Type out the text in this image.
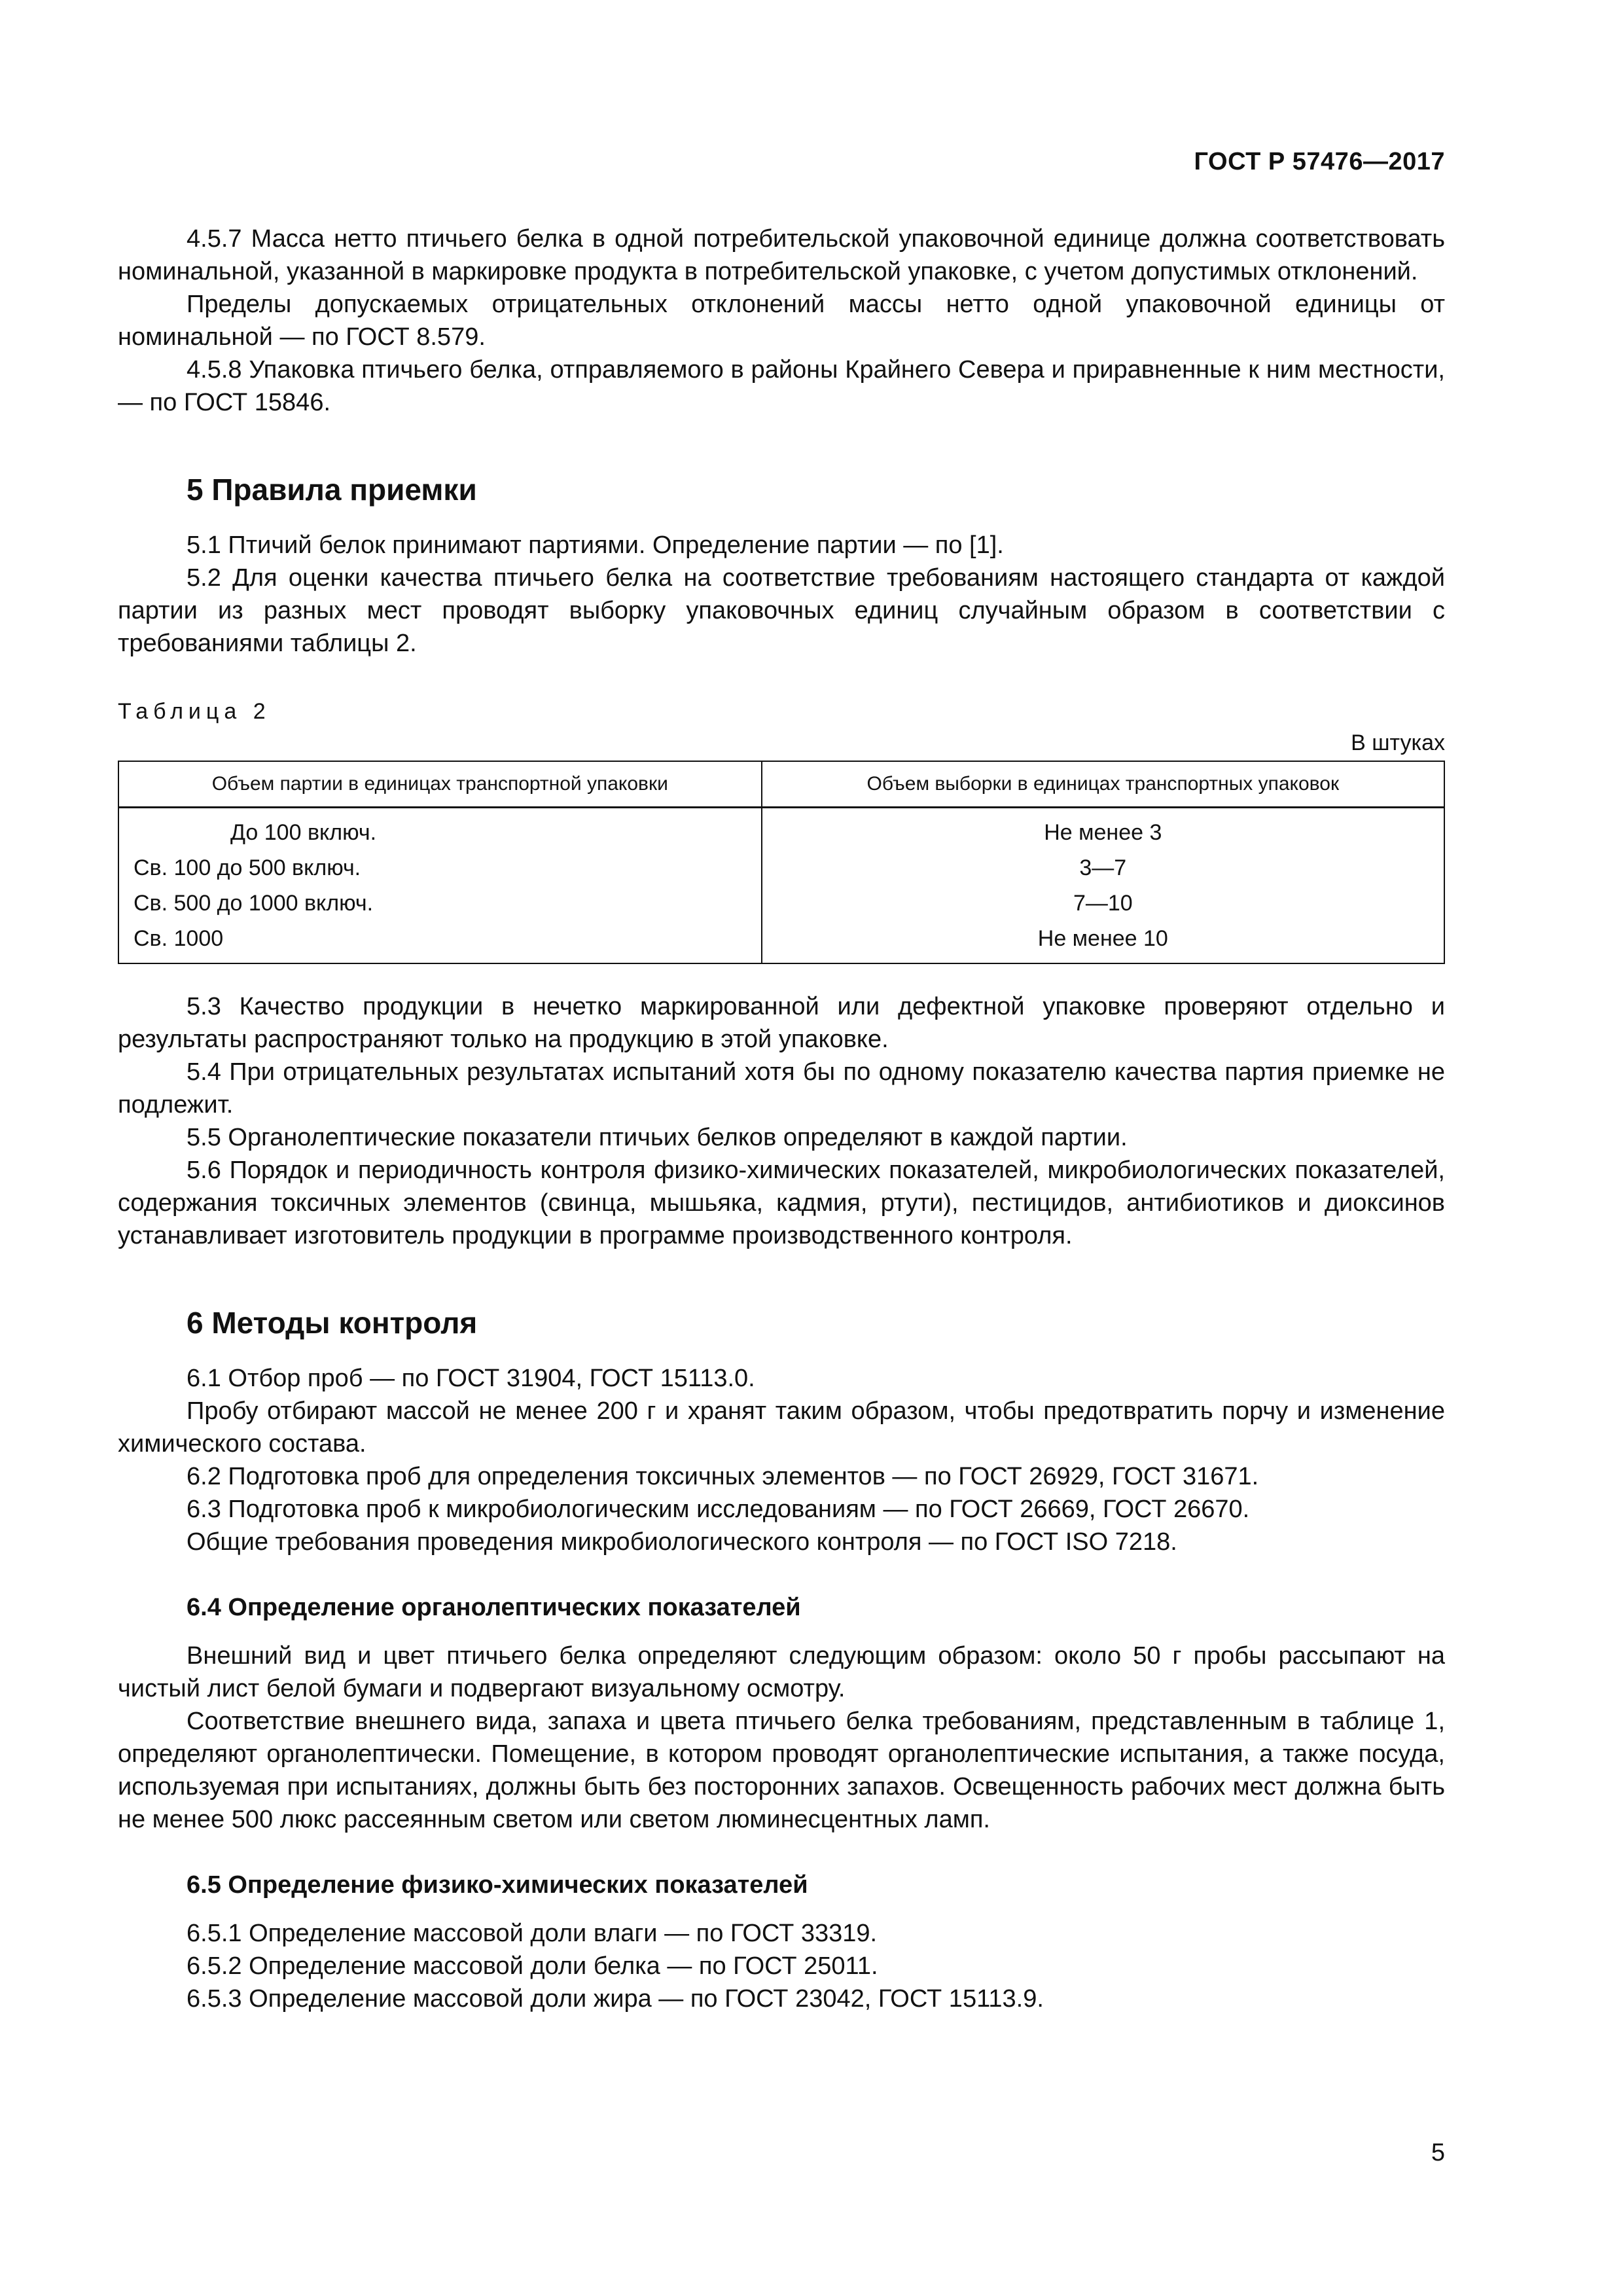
ГОСТ Р 57476—2017

4.5.7 Масса нетто птичьего белка в одной потребительской упаковочной единице должна соответствовать номинальной, указанной в маркировке продукта в потребительской упаковке, с учетом допустимых отклонений.

Пределы допускаемых отрицательных отклонений массы нетто одной упаковочной единицы от номинальной — по ГОСТ 8.579.

4.5.8 Упаковка птичьего белка, отправляемого в районы Крайнего Севера и приравненные к ним местности, — по ГОСТ 15846.

5 Правила приемки

5.1 Птичий белок принимают партиями. Определение партии — по [1].

5.2 Для оценки качества птичьего белка на соответствие требованиям настоящего стандарта от каждой партии из разных мест проводят выборку упаковочных единиц случайным образом в соответствии с требованиями таблицы 2.

Таблица 2
В штуках
Объем партии в единицах транспортной упаковки	Объем выборки в единицах транспортных упаковок
До 100 включ.	Не менее 3
Св. 100 до 500 включ.	3—7
Св. 500 до 1000 включ.	7—10
Св. 1000	Не менее 10

5.3 Качество продукции в нечетко маркированной или дефектной упаковке проверяют отдельно и результаты распространяют только на продукцию в этой упаковке.

5.4 При отрицательных результатах испытаний хотя бы по одному показателю качества партия приемке не подлежит.

5.5 Органолептические показатели птичьих белков определяют в каждой партии.

5.6 Порядок и периодичность контроля физико-химических показателей, микробиологических показателей, содержания токсичных элементов (свинца, мышьяка, кадмия, ртути), пестицидов, антибиотиков и диоксинов устанавливает изготовитель продукции в программе производственного контроля.

6 Методы контроля

6.1 Отбор проб — по ГОСТ 31904, ГОСТ 15113.0.

Пробу отбирают массой не менее 200 г и хранят таким образом, чтобы предотвратить порчу и изменение химического состава.

6.2 Подготовка проб для определения токсичных элементов — по ГОСТ 26929, ГОСТ 31671.

6.3 Подготовка проб к микробиологическим исследованиям — по ГОСТ 26669, ГОСТ 26670.

Общие требования проведения микробиологического контроля — по ГОСТ ISO 7218.

6.4 Определение органолептических показателей

Внешний вид и цвет птичьего белка определяют следующим образом: около 50 г пробы рассыпают на чистый лист белой бумаги и подвергают визуальному осмотру.

Соответствие внешнего вида, запаха и цвета птичьего белка требованиям, представленным в таблице 1, определяют органолептически. Помещение, в котором проводят органолептические испытания, а также посуда, используемая при испытаниях, должны быть без посторонних запахов. Освещенность рабочих мест должна быть не менее 500 люкс рассеянным светом или светом люминесцентных ламп.

6.5 Определение физико-химических показателей

6.5.1 Определение массовой доли влаги — по ГОСТ 33319.

6.5.2 Определение массовой доли белка — по ГОСТ 25011.

6.5.3 Определение массовой доли жира — по ГОСТ 23042, ГОСТ 15113.9.

5
